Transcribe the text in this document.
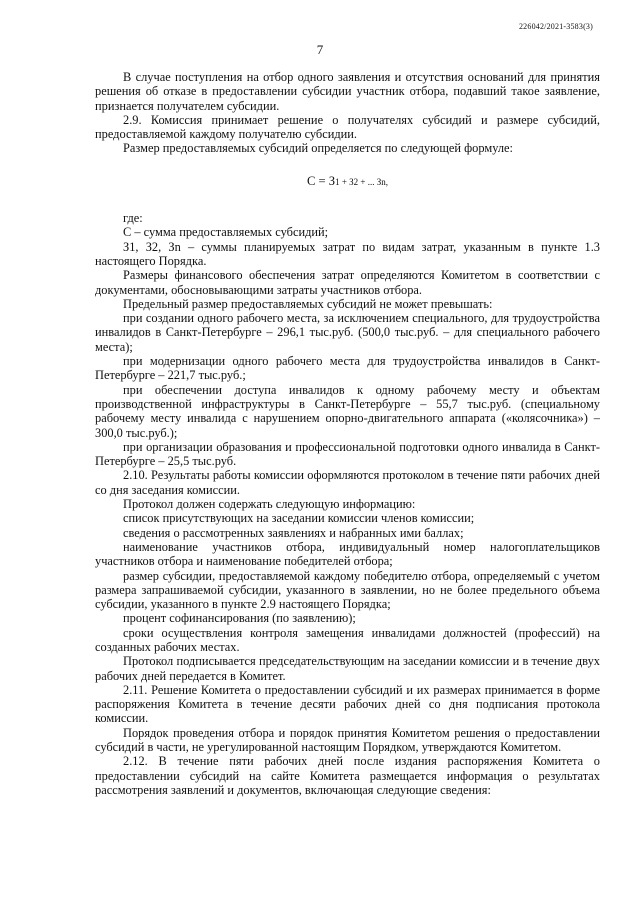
226042/2021-3583(3)
7

В случае поступления на отбор одного заявления и отсутствия оснований для принятия решения об отказе в предоставлении субсидии участник отбора, подавший такое заявление, признается получателем субсидии.

2.9. Комиссия принимает решение о получателях субсидий и размере субсидий, предоставляемой каждому получателю субсидии.

Размер предоставляемых субсидий определяется по следующей формуле:

С = З1 + З2 + ... Зn,

где:

С – сумма предоставляемых субсидий;

З1, З2, Зn – суммы планируемых затрат по видам затрат, указанным в пункте 1.3 настоящего Порядка.

Размеры финансового обеспечения затрат определяются Комитетом в соответствии с документами, обосновывающими затраты участников отбора.

Предельный размер предоставляемых субсидий не может превышать:

при создании одного рабочего места, за исключением специального, для трудоустройства инвалидов в Санкт-Петербурге – 296,1 тыс.руб. (500,0 тыс.руб. – для специального рабочего места);

при модернизации одного рабочего места для трудоустройства инвалидов в Санкт-Петербурге – 221,7 тыс.руб.;

при обеспечении доступа инвалидов к одному рабочему месту и объектам производственной инфраструктуры в Санкт-Петербурге – 55,7 тыс.руб. (специальному рабочему месту инвалида с нарушением опорно-двигательного аппарата («колясочника») – 300,0 тыс.руб.);

при организации образования и профессиональной подготовки одного инвалида в Санкт-Петербурге – 25,5 тыс.руб.

2.10. Результаты работы комиссии оформляются протоколом в течение пяти рабочих дней со дня заседания комиссии.

Протокол должен содержать следующую информацию:

список присутствующих на заседании комиссии членов комиссии;

сведения о рассмотренных заявлениях и набранных ими баллах;

наименование участников отбора, индивидуальный номер налогоплательщиков участников отбора и наименование победителей отбора;

размер субсидии, предоставляемой каждому победителю отбора, определяемый с учетом размера запрашиваемой субсидии, указанного в заявлении, но не более предельного объема субсидии, указанного в пункте 2.9 настоящего Порядка;

процент софинансирования (по заявлению);

сроки осуществления контроля замещения инвалидами должностей (профессий) на созданных рабочих местах.

Протокол подписывается председательствующим на заседании комиссии и в течение двух рабочих дней передается в Комитет.

2.11. Решение Комитета о предоставлении субсидий и их размерах принимается в форме распоряжения Комитета в течение десяти рабочих дней со дня подписания протокола комиссии.

Порядок проведения отбора и порядок принятия Комитетом решения о предоставлении субсидий в части, не урегулированной настоящим Порядком, утверждаются Комитетом.

2.12. В течение пяти рабочих дней после издания распоряжения Комитета о предоставлении субсидий на сайте Комитета размещается информация о результатах рассмотрения заявлений и документов, включающая следующие сведения:
